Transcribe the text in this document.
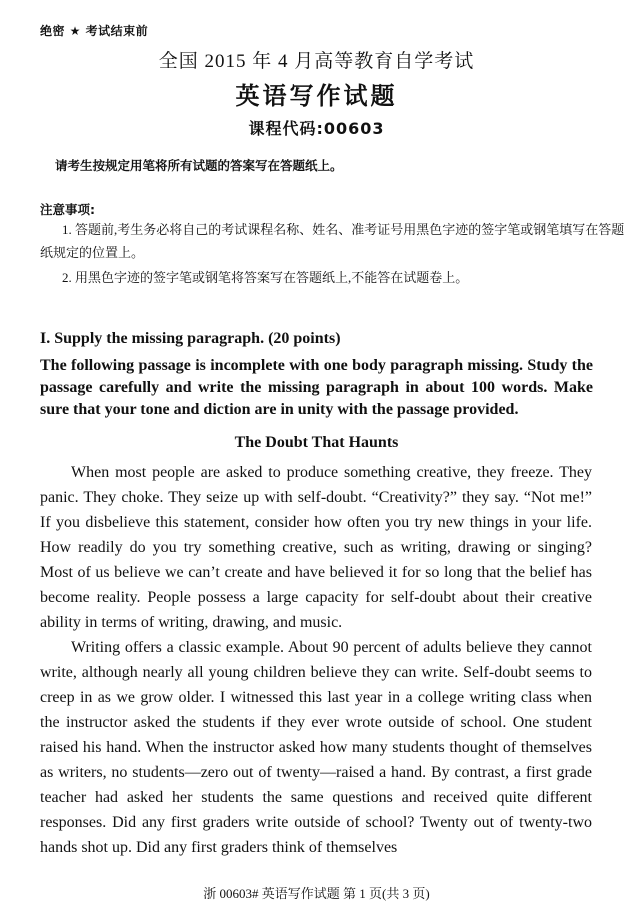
绝密 ★ 考试结束前
全国 2015 年 4 月高等教育自学考试
英语写作试题
课程代码:00603
请考生按规定用笔将所有试题的答案写在答题纸上。
注意事项:
1. 答题前,考生务必将自己的考试课程名称、姓名、准考证号用黑色字迹的签字笔或钢笔填写在答题纸规定的位置上。
2. 用黑色字迹的签字笔或钢笔将答案写在答题纸上,不能答在试题卷上。
I. Supply the missing paragraph. (20 points)
The following passage is incomplete with one body paragraph missing. Study the passage carefully and write the missing paragraph in about 100 words. Make sure that your tone and diction are in unity with the passage provided.
The Doubt That Haunts

When most people are asked to produce something creative, they freeze. They panic. They choke. They seize up with self-doubt. “Creativity?” they say. “Not me!” If you disbelieve this statement, consider how often you try new things in your life. How readily do you try something creative, such as writing, drawing or singing? Most of us believe we can’t create and have believed it for so long that the belief has become reality. People possess a large capacity for self-doubt about their creative ability in terms of writing, drawing, and music.

Writing offers a classic example. About 90 percent of adults believe they cannot write, although nearly all young children believe they can write. Self-doubt seems to creep in as we grow older. I witnessed this last year in a college writing class when the instructor asked the students if they ever wrote outside of school. One student raised his hand. When the instructor asked how many students thought of themselves as writers, no students—zero out of twenty—raised a hand. By contrast, a first grade teacher had asked her students the same questions and received quite different responses. Did any first graders write outside of school? Twenty out of twenty-two hands shot up. Did any first graders think of themselves

浙 00603# 英语写作试题 第 1 页(共 3 页)
